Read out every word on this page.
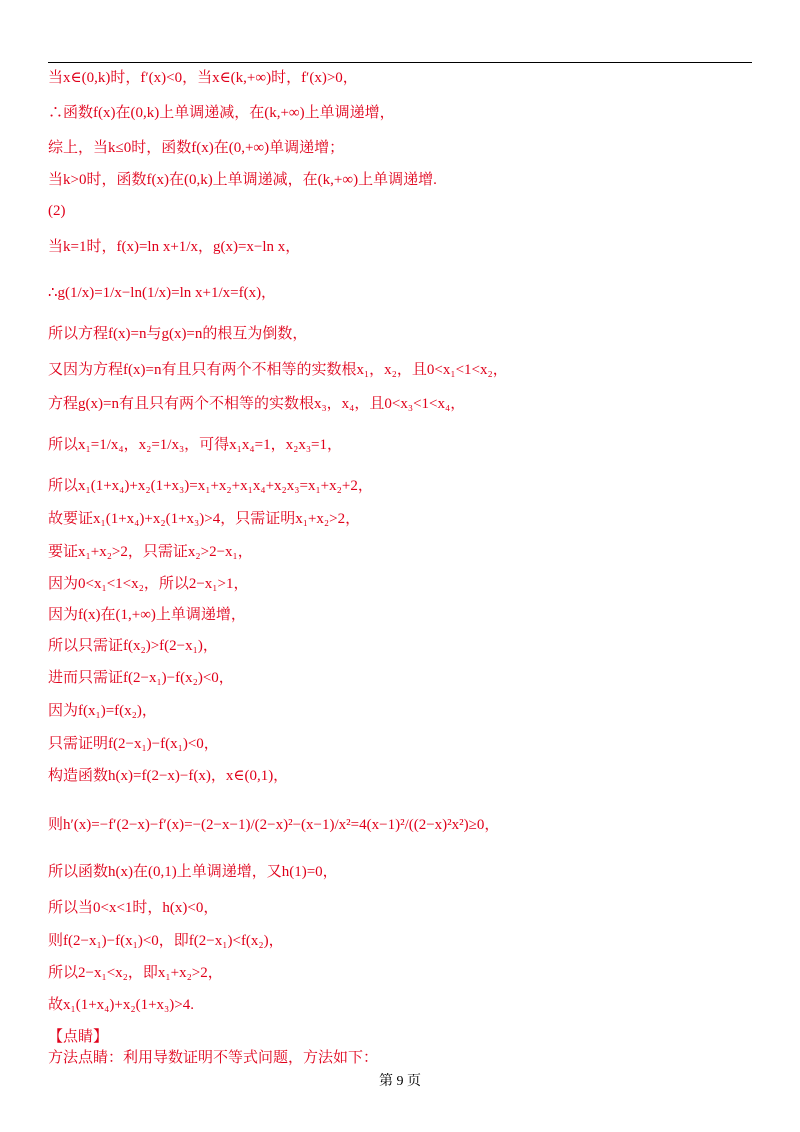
当x∈(0,k)时，f′(x)<0，当x∈(k,+∞)时，f′(x)>0，
∴函数f(x)在(0,k)上单调递减，在(k,+∞)上单调递增，
综上，当k≤0时，函数f(x)在(0,+∞)单调递增；
当k>0时，函数f(x)在(0,k)上单调递减，在(k,+∞)上单调递增.
(2)
当k=1时，f(x)=ln x+1/x，g(x)=x−ln x，
∴g(1/x)=1/x−ln(1/x)=ln x+1/x=f(x)，
所以方程f(x)=n与g(x)=n的根互为倒数，
又因为方程f(x)=n有且只有两个不相等的实数根x₁，x₂，且0<x₁<1<x₂，
方程g(x)=n有且只有两个不相等的实数根x₃，x₄，且0<x₃<1<x₄，
所以x₁=1/x₄，x₂=1/x₃，可得x₁x₄=1，x₂x₃=1，
所以x₁(1+x₄)+x₂(1+x₃)=x₁+x₂+x₁x₄+x₂x₃=x₁+x₂+2，
故要证x₁(1+x₄)+x₂(1+x₃)>4，只需证明x₁+x₂>2，
要证x₁+x₂>2，只需证x₂>2−x₁，
因为0<x₁<1<x₂，所以2−x₁>1，
因为f(x)在(1,+∞)上单调递增，
所以只需证f(x₂)>f(2−x₁)，
进而只需证f(2−x₁)−f(x₂)<0，
因为f(x₁)=f(x₂)，
只需证明f(2−x₁)−f(x₁)<0，
构造函数h(x)=f(2−x)−f(x)，x∈(0,1)，
则h′(x)=−f′(2−x)−f′(x)=−(2−x−1)/(2−x)²−(x−1)/x²=4(x−1)²/((2−x)²x²)≥0，
所以函数h(x)在(0,1)上单调递增，又h(1)=0，
所以当0<x<1时，h(x)<0，
则f(2−x₁)−f(x₁)<0，即f(2−x₁)<f(x₂)，
所以2−x₁<x₂，即x₁+x₂>2，
故x₁(1+x₄)+x₂(1+x₃)>4.
【点睛】
方法点睛：利用导数证明不等式问题，方法如下：
第 9 页
